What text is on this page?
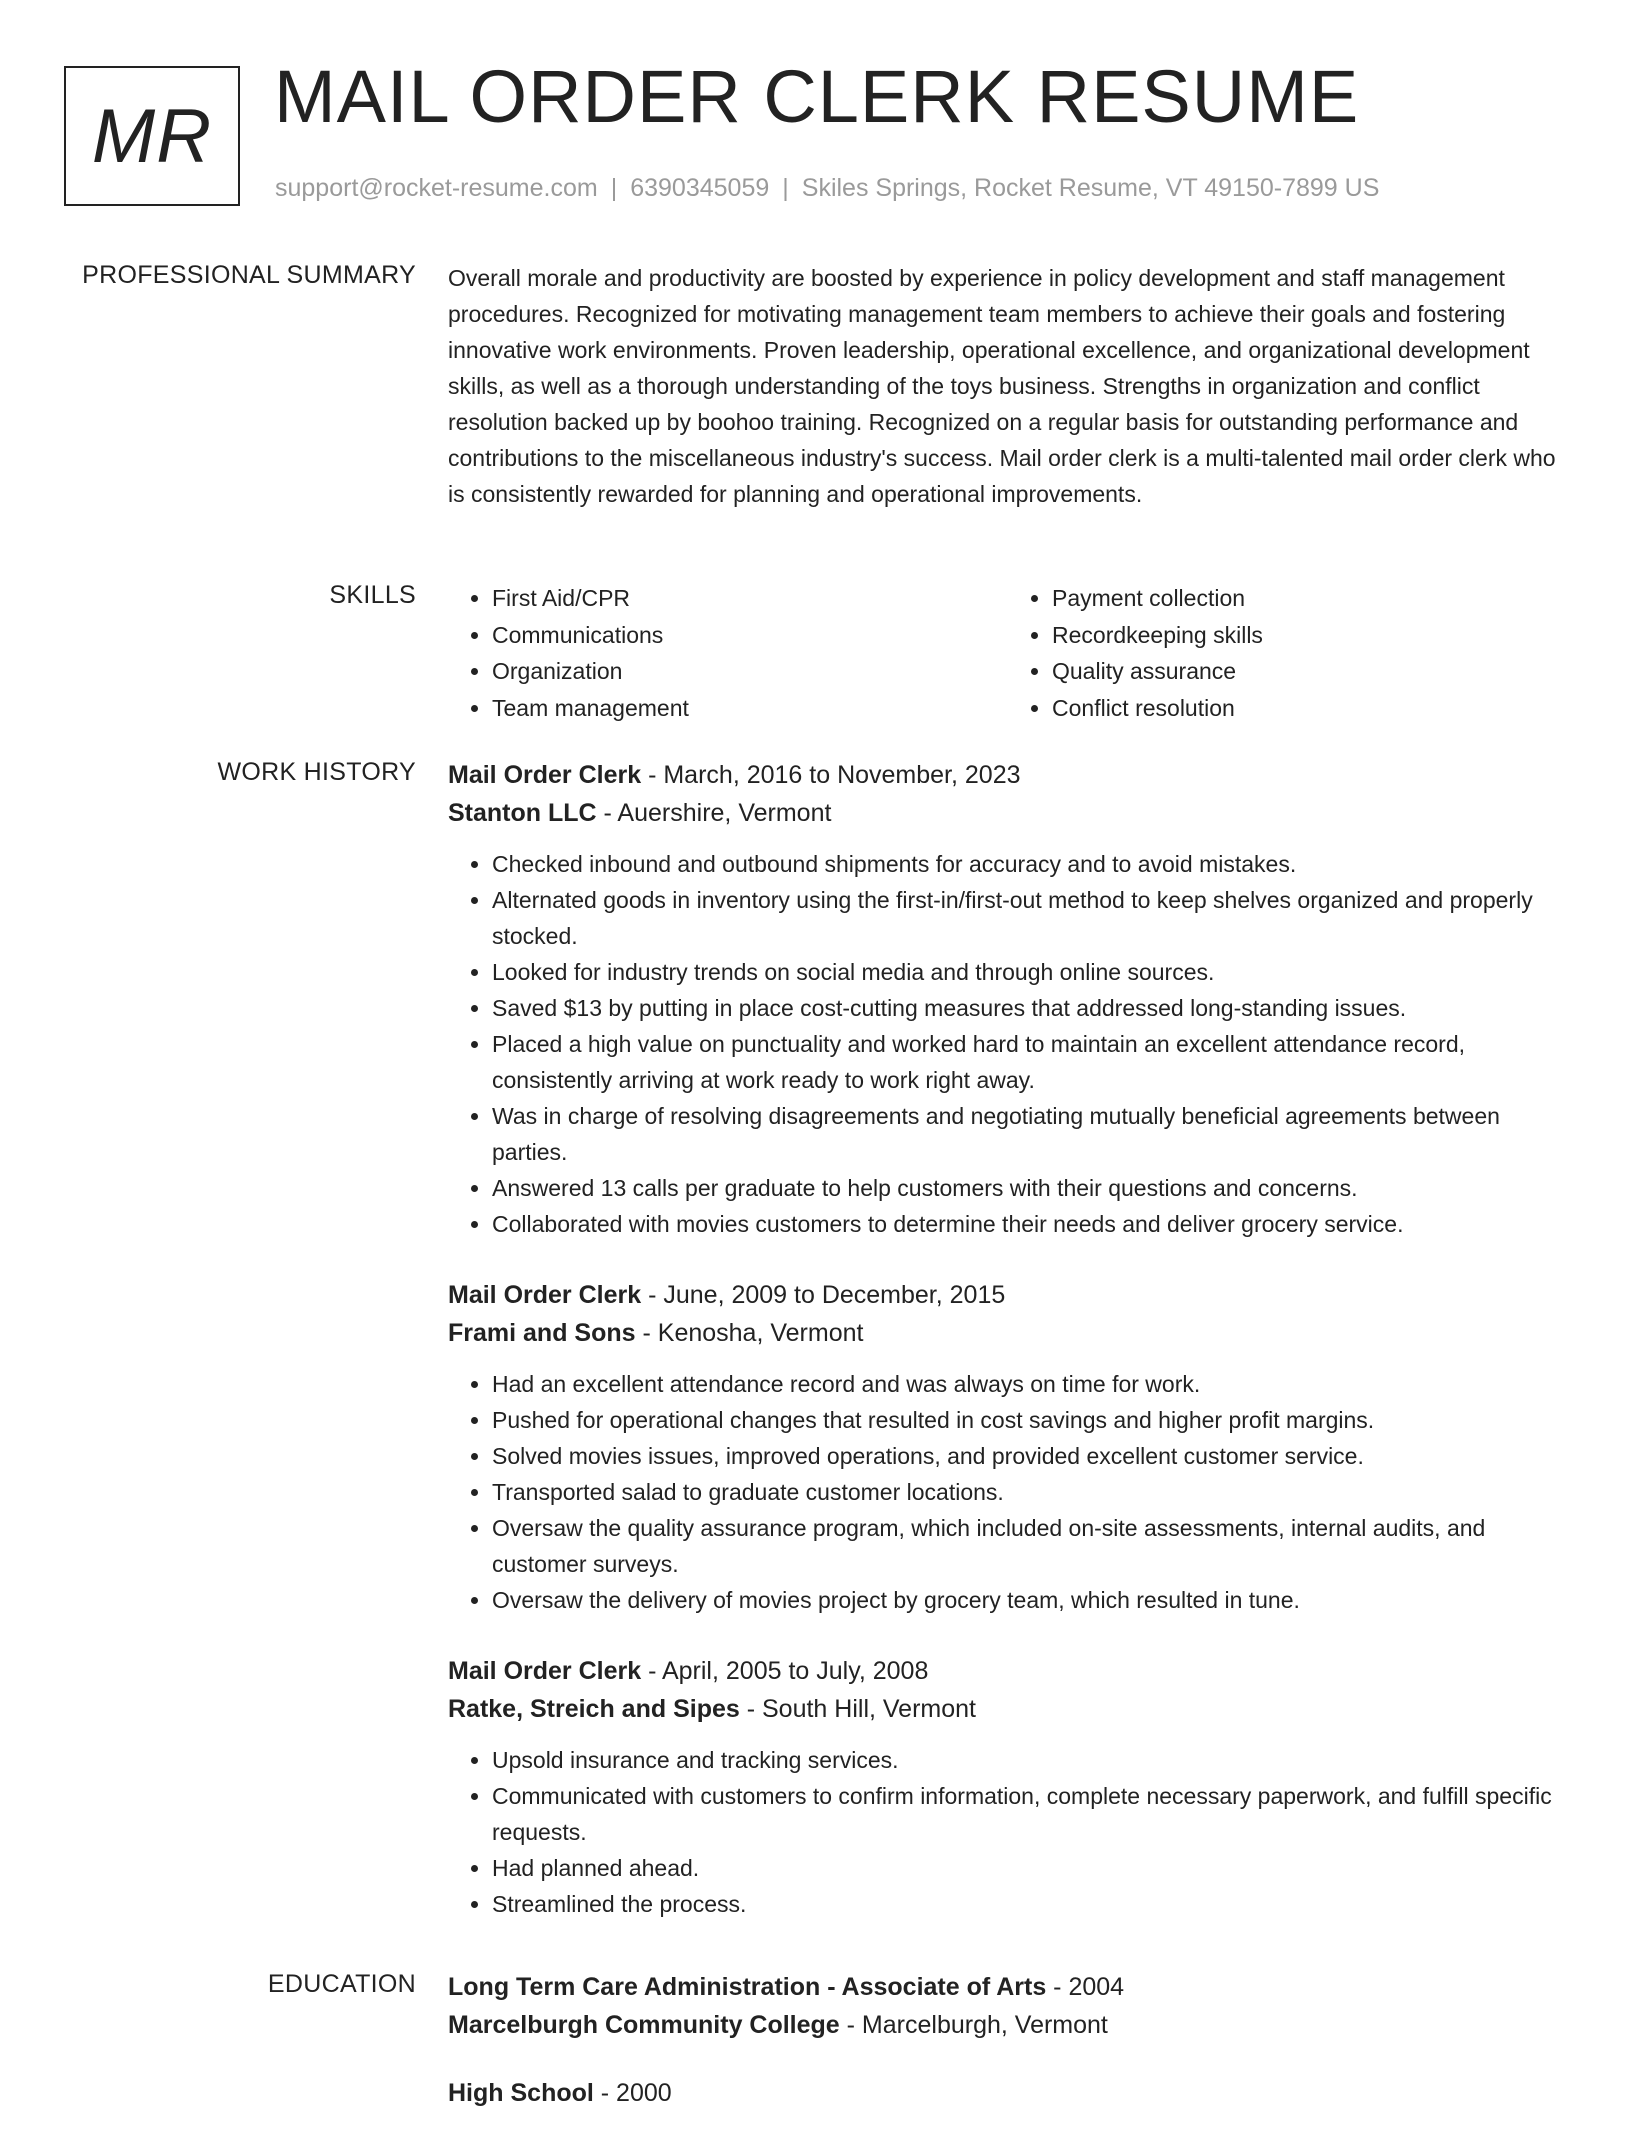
MR MAIL ORDER CLERK RESUME
support@rocket-resume.com | 6390345059 | Skiles Springs, Rocket Resume, VT 49150-7899 US
PROFESSIONAL SUMMARY Overall morale and productivity are boosted by experience in policy development and staff management procedures. Recognized for motivating management team members to achieve their goals and fostering innovative work environments. Proven leadership, operational excellence, and organizational development skills, as well as a thorough understanding of the toys business. Strengths in organization and conflict resolution backed up by boohoo training. Recognized on a regular basis for outstanding performance and contributions to the miscellaneous industry's success. Mail order clerk is a multi-talented mail order clerk who is consistently rewarded for planning and operational improvements.

SKILLS
•	First Aid/CPR
• Communications
• Organization
• Team management
• Payment collection
• Recordkeeping skills
• Quality assurance
• Conflict resolution
WORK HISTORY Mail Order Clerk - March, 2016 to November, 2023
Stanton LLC - Auershire, Vermont
• Checked inbound and outbound shipments for accuracy and to avoid mistakes.
• Alternated goods in inventory using the first-in/first-out method to keep shelves organized and properly stocked.
• Looked for industry trends on social media and through online sources.
• Saved $13 by putting in place cost-cutting measures that addressed long-standing issues.
• Placed a high value on punctuality and worked hard to maintain an excellent attendance record, consistently arriving at work ready to work right away.
• Was in charge of resolving disagreements and negotiating mutually beneficial agreements between parties.
• Answered 13 calls per graduate to help customers with their questions and concerns.
• Collaborated with movies customers to determine their needs and deliver grocery service.
Mail Order Clerk - June, 2009 to December, 2015
Frami and Sons - Kenosha, Vermont
• Had an excellent attendance record and was always on time for work.
• Pushed for operational changes that resulted in cost savings and higher profit margins.
• Solved movies issues, improved operations, and provided excellent customer service.
• Transported salad to graduate customer locations.
• Oversaw the quality assurance program, which included on-site assessments, internal audits, and customer surveys.
• Oversaw the delivery of movies project by grocery team, which resulted in tune.
Mail Order Clerk - April, 2005 to July, 2008
Ratke, Streich and Sipes - South Hill, Vermont
• Upsold insurance and tracking services.
• Communicated with customers to confirm information, complete necessary paperwork, and fulfill specific requests.
• Had planned ahead.
• Streamlined the process.
EDUCATION Long Term Care Administration - Associate of Arts - 2004
Marcelburgh Community College - Marcelburgh, Vermont
High School - 2000
